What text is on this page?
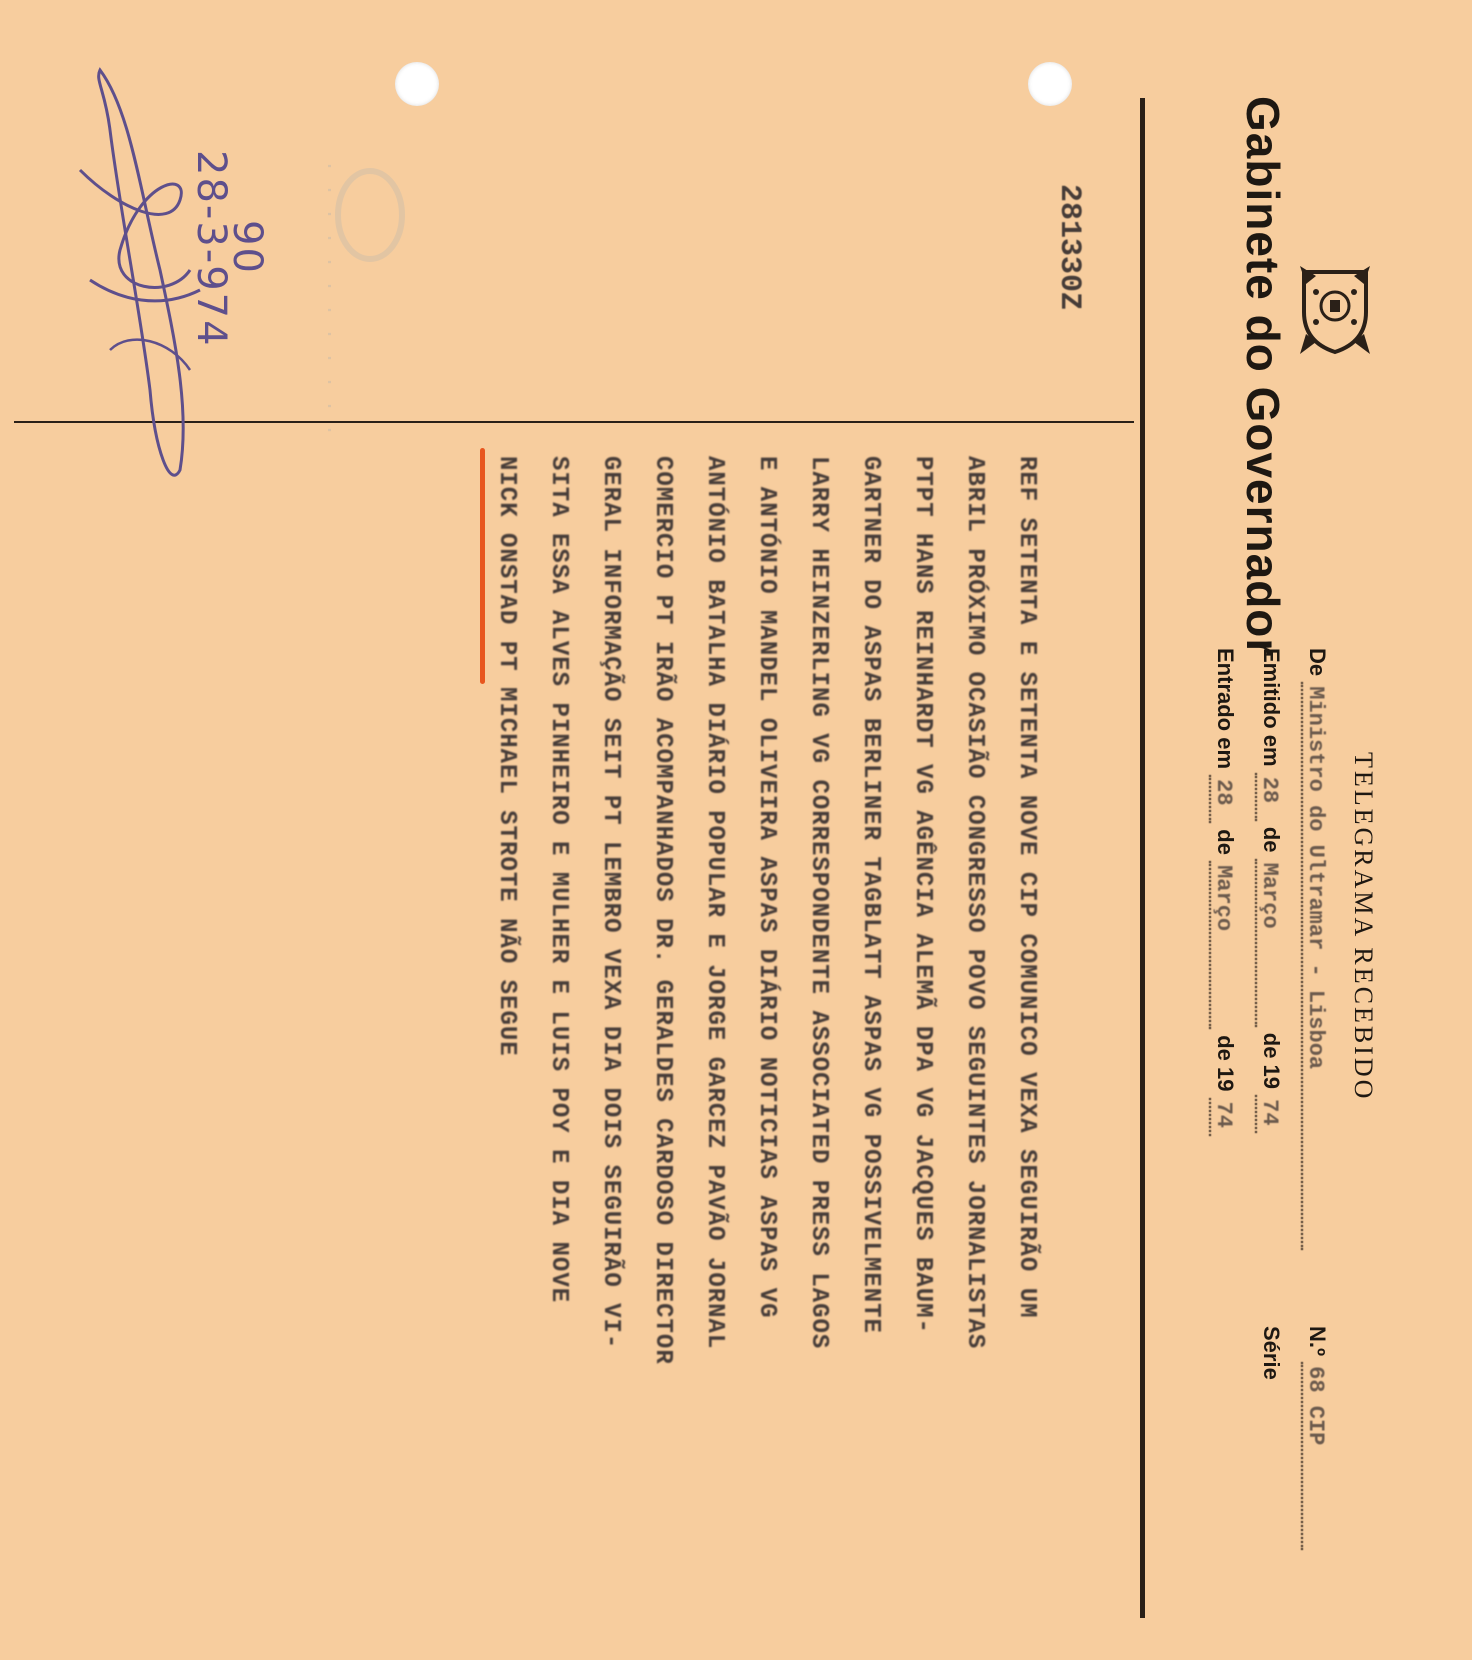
Gabinete do Governador
TELEGRAMA RECEBIDO
De Ministro do Ultramar - Lisboa
N.º 68 CIP
Série
Emitido em 28 de Março de 19 74
Entrado em 28 de Março de 19 74
281330Z
REF SETENTA E SETENTA NOVE CIP COMUNICO VEXA SEGUIRÃO UM
ABRIL PRÓXIMO OCASIÃO CONGRESSO POVO SEGUINTES JORNALISTAS
PTPT HANS REINHARDT VG AGÊNCIA ALEMÃ DPA VG JACQUES BAUM-
GARTNER DO ASPAS BERLINER TAGBLATT ASPAS VG POSSIVELMENTE
LARRY HEINZERLING VG CORRESPONDENTE ASSOCIATED PRESS LAGOS
E ANTÓNIO MANDEL OLIVEIRA ASPAS DIÁRIO NOTICIAS ASPAS VG
ANTÓNIO BATALHA DIÁRIO POPULAR E JORGE GARCEZ PAVÃO JORNAL
COMERCIO PT IRÃO ACOMPANHADOS DR. GERALDES CARDOSO DIRECTOR
GERAL INFORMAÇÃO SEIT PT LEMBRO VEXA DIA DOIS SEGUIRÃO VI-
SITA ESSA ALVES PINHEIRO E MULHER E LUIS POY E DIA NOVE
NICK ONSTAD PT MICHAEL STROTE NÃO SEGUE
· · · · · · · · · · · ·
28-3-974
90
